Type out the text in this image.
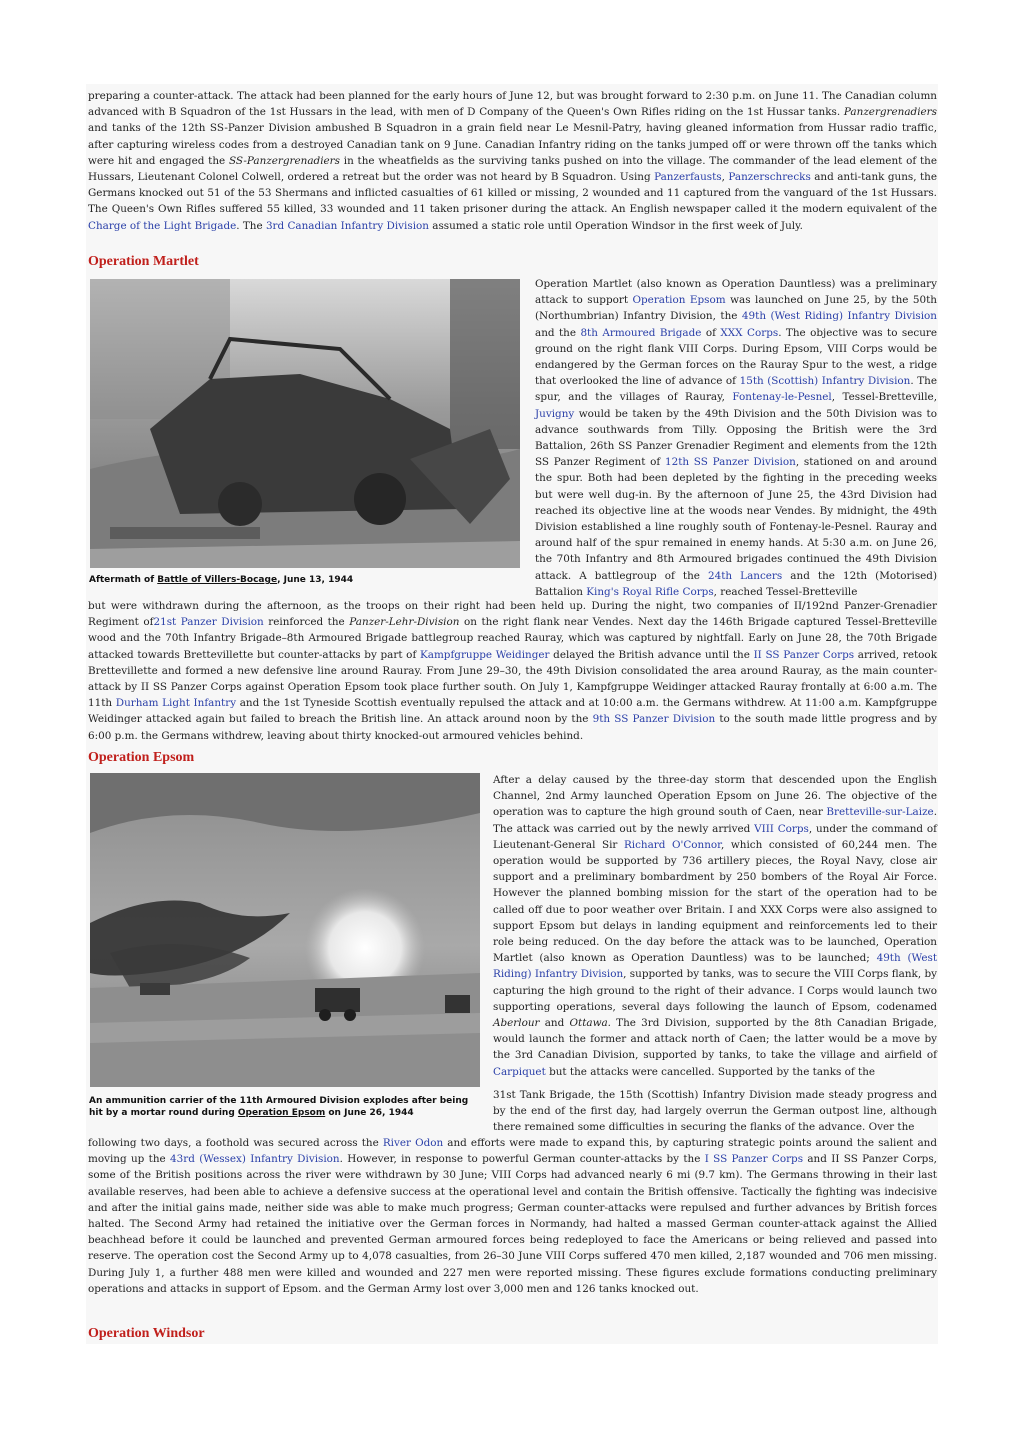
preparing a counter-attack. The attack had been planned for the early hours of June 12, but was brought forward to 2:30 p.m. on June 11. The Canadian column advanced with B Squadron of the 1st Hussars in the lead, with men of D Company of the Queen's Own Rifles riding on the 1st Hussar tanks. Panzergrenadiers and tanks of the 12th SS-Panzer Division ambushed B Squadron in a grain field near Le Mesnil-Patry, having gleaned information from Hussar radio traffic, after capturing wireless codes from a destroyed Canadian tank on 9 June. Canadian Infantry riding on the tanks jumped off or were thrown off the tanks which were hit and engaged the SS-Panzergrenadiers in the wheatfields as the surviving tanks pushed on into the village. The commander of the lead element of the Hussars, Lieutenant Colonel Colwell, ordered a retreat but the order was not heard by B Squadron. Using Panzerfausts, Panzerschrecks and anti-tank guns, the Germans knocked out 51 of the 53 Shermans and inflicted casualties of 61 killed or missing, 2 wounded and 11 captured from the vanguard of the 1st Hussars. The Queen's Own Rifles suffered 55 killed, 33 wounded and 11 taken prisoner during the attack. An English newspaper called it the modern equivalent of the Charge of the Light Brigade. The 3rd Canadian Infantry Division assumed a static role until Operation Windsor in the first week of July.

Operation Martlet

Aftermath of Battle of Villers-Bocage, June 13, 1944

Operation Martlet (also known as Operation Dauntless) was a preliminary attack to support Operation Epsom was launched on June 25, by the 50th (Northumbrian) Infantry Division, the 49th (West Riding) Infantry Division and the 8th Armoured Brigade of XXX Corps. The objective was to secure ground on the right flank VIII Corps. During Epsom, VIII Corps would be endangered by the German forces on the Rauray Spur to the west, a ridge that overlooked the line of advance of 15th (Scottish) Infantry Division. The spur, and the villages of Rauray, Fontenay-le-Pesnel, Tessel-Bretteville, Juvigny would be taken by the 49th Division and the 50th Division was to advance southwards from Tilly. Opposing the British were the 3rd Battalion, 26th SS Panzer Grenadier Regiment and elements from the 12th SS Panzer Regiment of 12th SS Panzer Division, stationed on and around the spur. Both had been depleted by the fighting in the preceding weeks but were well dug-in. By the afternoon of June 25, the 43rd Division had reached its objective line at the woods near Vendes. By midnight, the 49th Division established a line roughly south of Fontenay-le-Pesnel. Rauray and around half of the spur remained in enemy hands. At 5:30 a.m. on June 26, the 70th Infantry and 8th Armoured brigades continued the 49th Division attack. A battlegroup of the 24th Lancers and the 12th (Motorised) Battalion King's Royal Rifle Corps, reached Tessel-Bretteville

but were withdrawn during the afternoon, as the troops on their right had been held up. During the night, two companies of II/192nd Panzer-Grenadier Regiment of21st Panzer Division reinforced the Panzer-Lehr-Division on the right flank near Vendes. Next day the 146th Brigade captured Tessel-Bretteville wood and the 70th Infantry Brigade–8th Armoured Brigade battlegroup reached Rauray, which was captured by nightfall. Early on June 28, the 70th Brigade attacked towards Brettevillette but counter-attacks by part of Kampfgruppe Weidinger delayed the British advance until the II SS Panzer Corps arrived, retook Brettevillette and formed a new defensive line around Rauray. From June 29–30, the 49th Division consolidated the area around Rauray, as the main counter-attack by II SS Panzer Corps against Operation Epsom took place further south. On July 1, Kampfgruppe Weidinger attacked Rauray frontally at 6:00 a.m. The 11th Durham Light Infantry and the 1st Tyneside Scottish eventually repulsed the attack and at 10:00 a.m. the Germans withdrew. At 11:00 a.m. Kampfgruppe Weidinger attacked again but failed to breach the British line. An attack around noon by the 9th SS Panzer Division to the south made little progress and by 6:00 p.m. the Germans withdrew, leaving about thirty knocked-out armoured vehicles behind.

Operation Epsom

An ammunition carrier of the 11th Armoured Division explodes after being hit by a mortar round during Operation Epsom on June 26, 1944

After a delay caused by the three-day storm that descended upon the English Channel, 2nd Army launched Operation Epsom on June 26. The objective of the operation was to capture the high ground south of Caen, near Bretteville-sur-Laize. The attack was carried out by the newly arrived VIII Corps, under the command of Lieutenant-General Sir Richard O'Connor, which consisted of 60,244 men. The operation would be supported by 736 artillery pieces, the Royal Navy, close air support and a preliminary bombardment by 250 bombers of the Royal Air Force. However the planned bombing mission for the start of the operation had to be called off due to poor weather over Britain. I and XXX Corps were also assigned to support Epsom but delays in landing equipment and reinforcements led to their role being reduced. On the day before the attack was to be launched, Operation Martlet (also known as Operation Dauntless) was to be launched; 49th (West Riding) Infantry Division, supported by tanks, was to secure the VIII Corps flank, by capturing the high ground to the right of their advance. I Corps would launch two supporting operations, several days following the launch of Epsom, codenamed Aberlour and Ottawa. The 3rd Division, supported by the 8th Canadian Brigade, would launch the former and attack north of Caen; the latter would be a move by the 3rd Canadian Division, supported by tanks, to take the village and airfield of Carpiquet but the attacks were cancelled. Supported by the tanks of the

31st Tank Brigade, the 15th (Scottish) Infantry Division made steady progress and by the end of the first day, had largely overrun the German outpost line, although there remained some difficulties in securing the flanks of the advance. Over the

following two days, a foothold was secured across the River Odon and efforts were made to expand this, by capturing strategic points around the salient and moving up the 43rd (Wessex) Infantry Division. However, in response to powerful German counter-attacks by the I SS Panzer Corps and II SS Panzer Corps, some of the British positions across the river were withdrawn by 30 June; VIII Corps had advanced nearly 6 mi (9.7 km). The Germans throwing in their last available reserves, had been able to achieve a defensive success at the operational level and contain the British offensive. Tactically the fighting was indecisive and after the initial gains made, neither side was able to make much progress; German counter-attacks were repulsed and further advances by British forces halted. The Second Army had retained the initiative over the German forces in Normandy, had halted a massed German counter-attack against the Allied beachhead before it could be launched and prevented German armoured forces being redeployed to face the Americans or being relieved and passed into reserve. The operation cost the Second Army up to 4,078 casualties, from 26–30 June VIII Corps suffered 470 men killed, 2,187 wounded and 706 men missing. During July 1, a further 488 men were killed and wounded and 227 men were reported missing. These figures exclude formations conducting preliminary operations and attacks in support of Epsom. and the German Army lost over 3,000 men and 126 tanks knocked out.

Operation Windsor
